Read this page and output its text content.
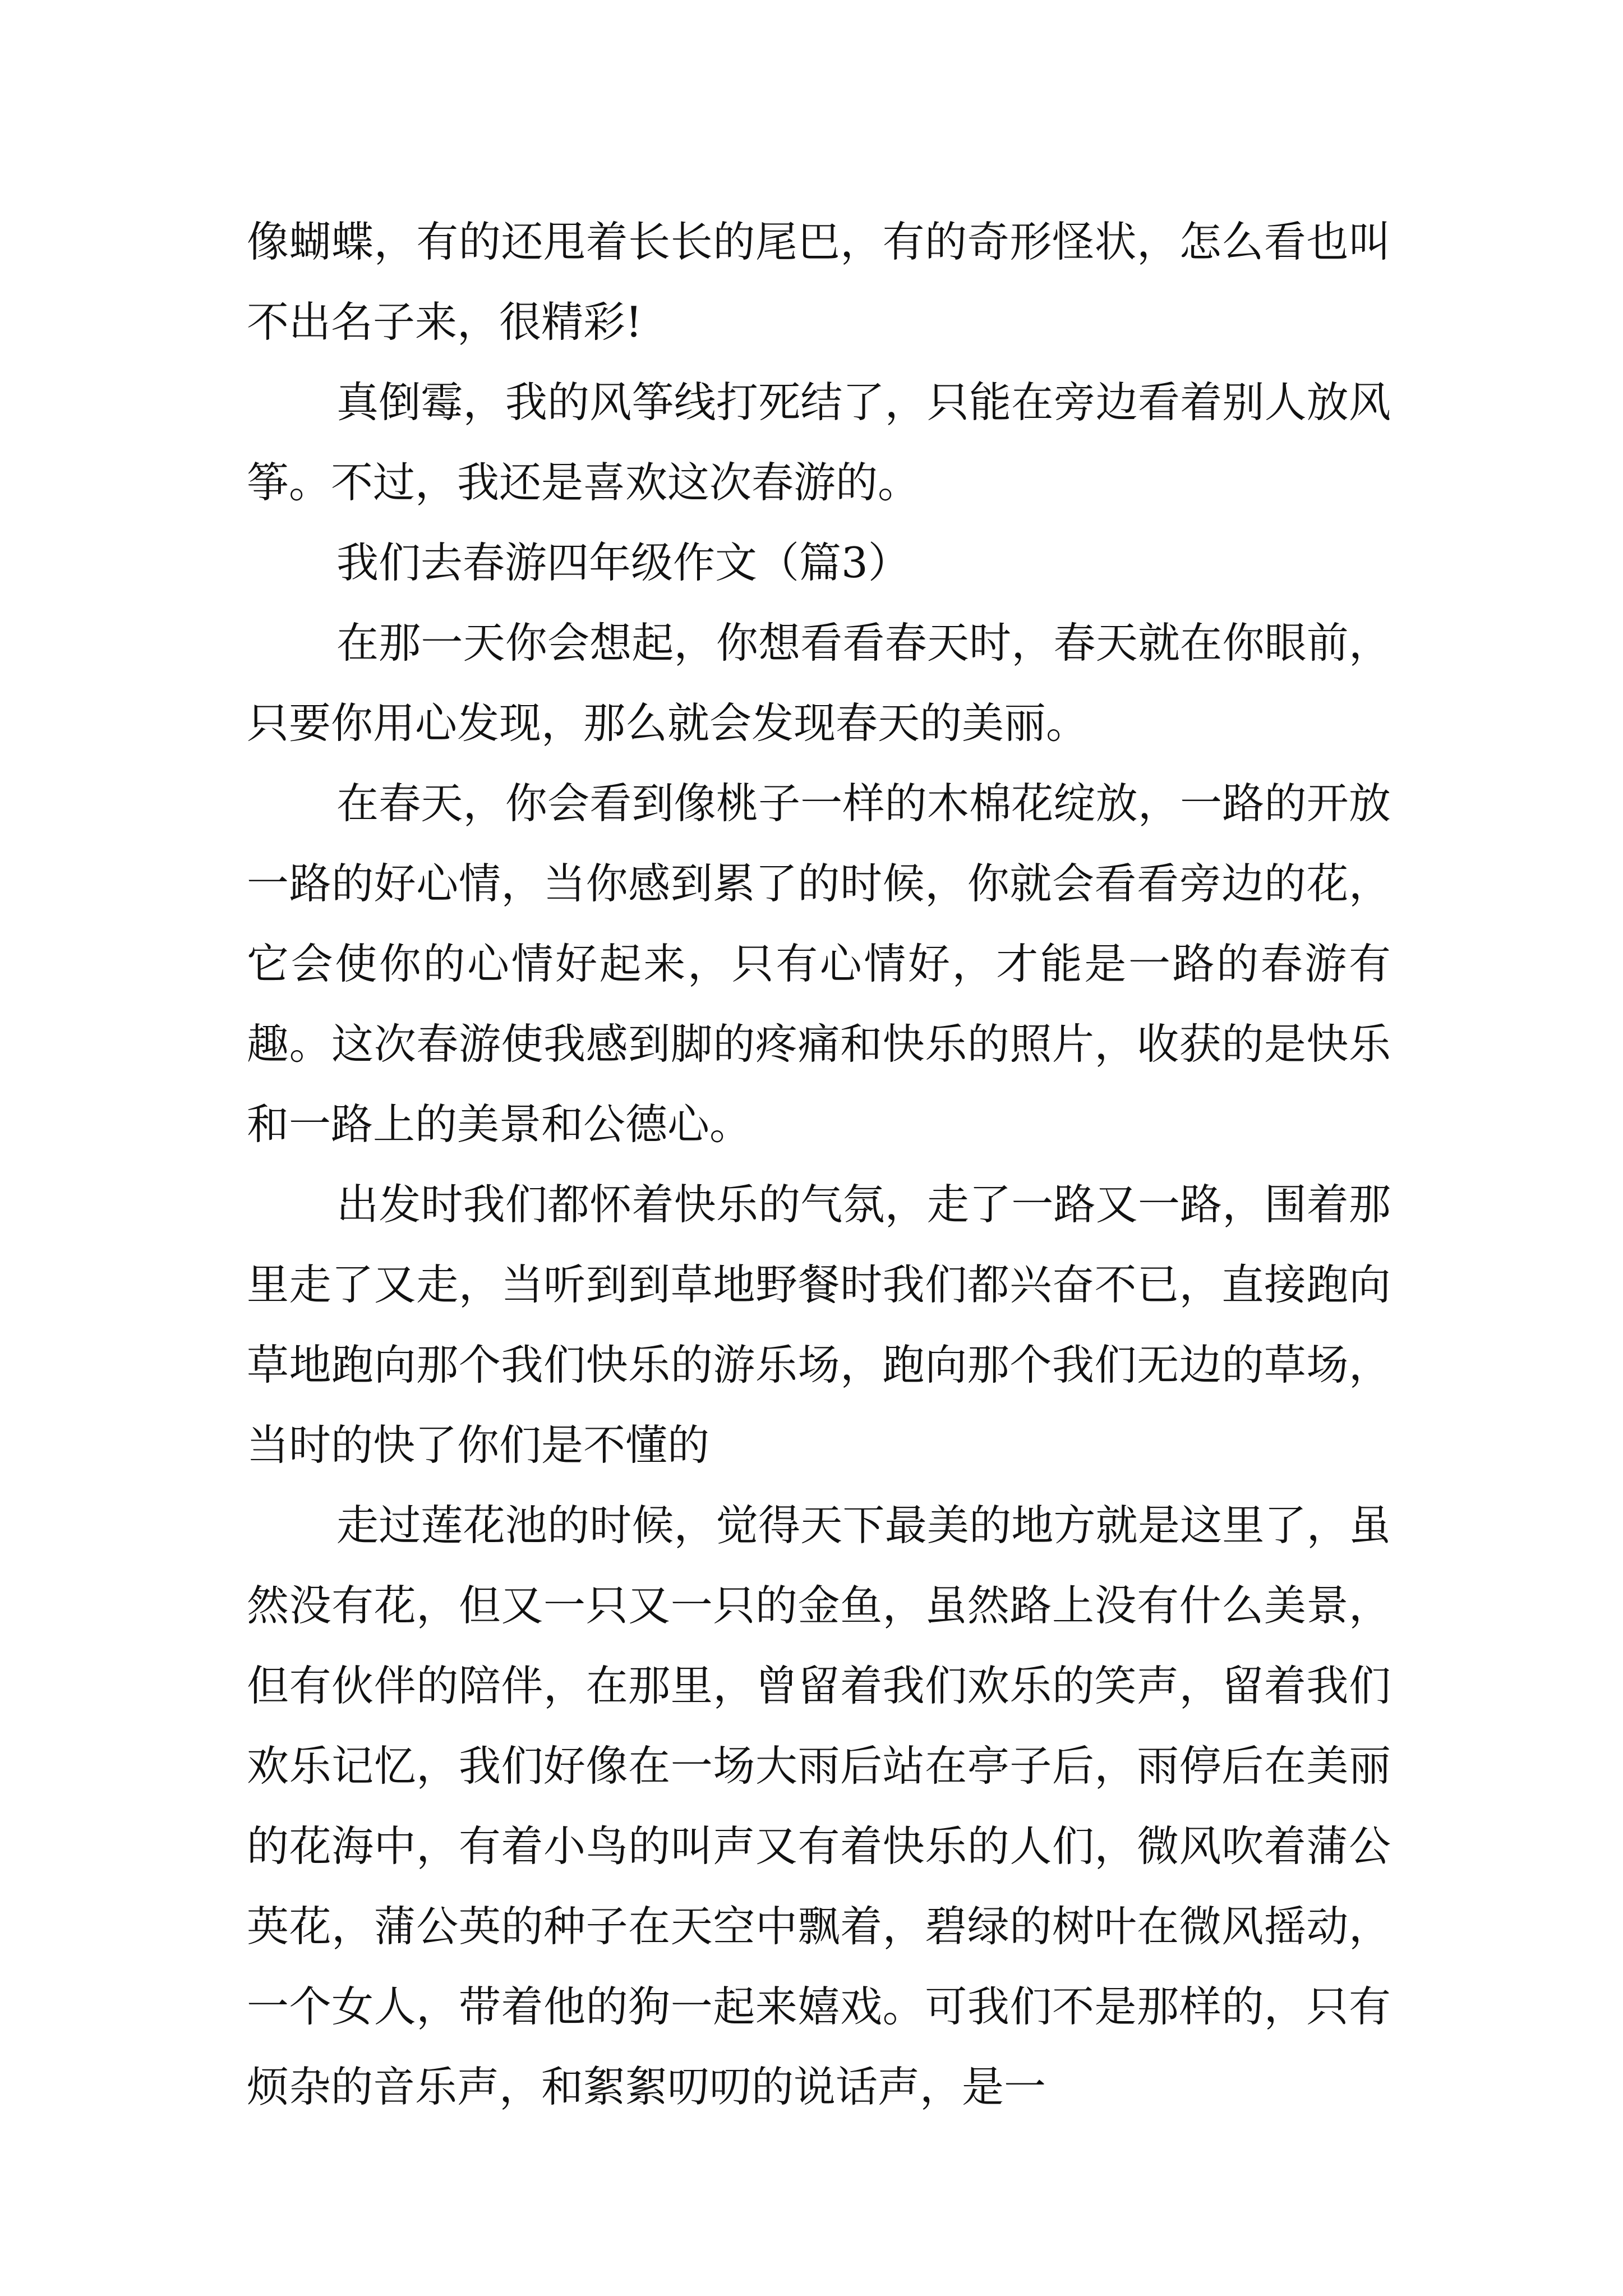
像蝴蝶，有的还甩着长长的尾巴，有的奇形怪状，怎么看也叫不出名子来，很精彩!

真倒霉，我的风筝线打死结了，只能在旁边看着别人放风筝。不过，我还是喜欢这次春游的。

我们去春游四年级作文（篇3）

在那一天你会想起，你想看看春天时，春天就在你眼前，只要你用心发现，那么就会发现春天的美丽。

在春天，你会看到像桃子一样的木棉花绽放，一路的开放一路的好心情，当你感到累了的时候，你就会看看旁边的花，它会使你的心情好起来，只有心情好，才能是一路的春游有趣。这次春游使我感到脚的疼痛和快乐的照片，收获的是快乐和一路上的美景和公德心。

出发时我们都怀着快乐的气氛，走了一路又一路，围着那里走了又走，当听到到草地野餐时我们都兴奋不已，直接跑向草地跑向那个我们快乐的游乐场，跑向那个我们无边的草场，当时的快了你们是不懂的

走过莲花池的时候，觉得天下最美的地方就是这里了，虽然没有花，但又一只又一只的金鱼，虽然路上没有什么美景，但有伙伴的陪伴，在那里，曾留着我们欢乐的笑声，留着我们欢乐记忆，我们好像在一场大雨后站在亭子后，雨停后在美丽的花海中，有着小鸟的叫声又有着快乐的人们，微风吹着蒲公英花，蒲公英的种子在天空中飘着，碧绿的树叶在微风摇动，一个女人，带着他的狗一起来嬉戏。可我们不是那样的，只有烦杂的音乐声，和絮絮叨叨的说话声，是一
